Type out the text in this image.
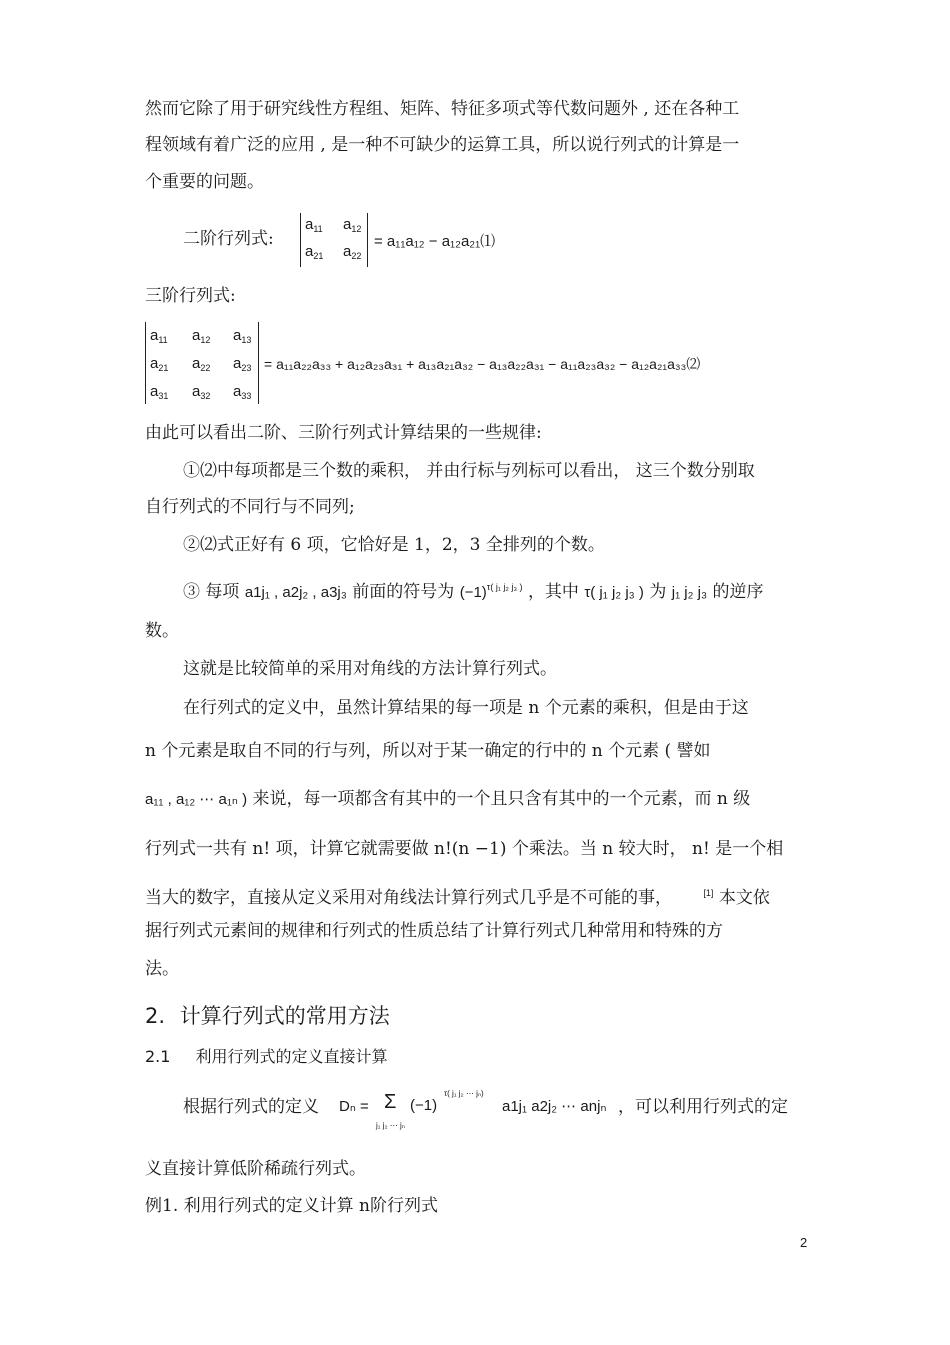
然而它除了用于研究线性方程组、矩阵、特征多项式等代数问题外 , 还在各种工
程领域有着广泛的应用 , 是一种不可缺少的运算工具，所以说行列式的计算是一
个重要的问题。
二阶行列式:
$a_{11}$ $a_{12}$
$a_{21}$ $a_{22}$
= a₁₁a₁₂ − a₁₂a₂₁⑴
三阶行列式:
$a_{11}$ $a_{12}$ $a_{13}$
$a_{21}$ $a_{22}$ $a_{23}$
$a_{31}$ $a_{32}$ $a_{33}$
= a₁₁a₂₂a₃₃ + a₁₂a₂₃a₃₁ + a₁₃a₂₁a₃₂ − a₁₃a₂₂a₃₁ − a₁₁a₂₃a₃₂ − a₁₂a₂₁a₃₃⑵
由此可以看出二阶、三阶行列式计算结果的一些规律:
①⑵中每项都是三个数的乘积， 并由行标与列标可以看出， 这三个数分别取
自行列式的不同行与不同列;
②⑵式正好有 6 项，它恰好是 1，2，3 全排列的个数。
③ 每项 a1j₁ , a2j₂ , a3j₃ 前面的符号为 $(-1)^{\tau( j_1 j_2 j_3 )}$ ，其中 τ( j₁ j₂ j₃ ) 为 j₁ j₂ j₃ 的逆序
数。
这就是比较简单的采用对角线的方法计算行列式。
在行列式的定义中，虽然计算结果的每一项是 n 个元素的乘积，但是由于这
n 个元素是取自不同的行与列，所以对于某一确定的行中的 n 个元素 ( 譬如
a₁₁ , a₁₂ ⋯ a₁ₙ ) 来说，每一项都含有其中的一个且只含有其中的一个元素，而 n 级
行列式一共有 n! 项，计算它就需要做 n!(n −1) 个乘法。当 n 较大时， n! 是一个相
当大的数字，直接从定义采用对角线法计算行列式几乎是不可能的事，	[1] 本文依
据行列式元素间的规律和行列式的性质总结了计算行列式几种常用和特殊的方
法。
2. 计算行列式的常用方法
2.1 利用行列式的定义直接计算
根据行列式的定义 Dₙ = Σ
j₁ j₂ ⋯ jₙ
(−1)
τ( j₁ j₂ ⋯ jₙ)
a1j₁ a2j₂ ⋯ anjₙ ，可以利用行列式的定
义直接计算低阶稀疏行列式。
例1. 利用行列式的定义计算 n阶行列式
2
